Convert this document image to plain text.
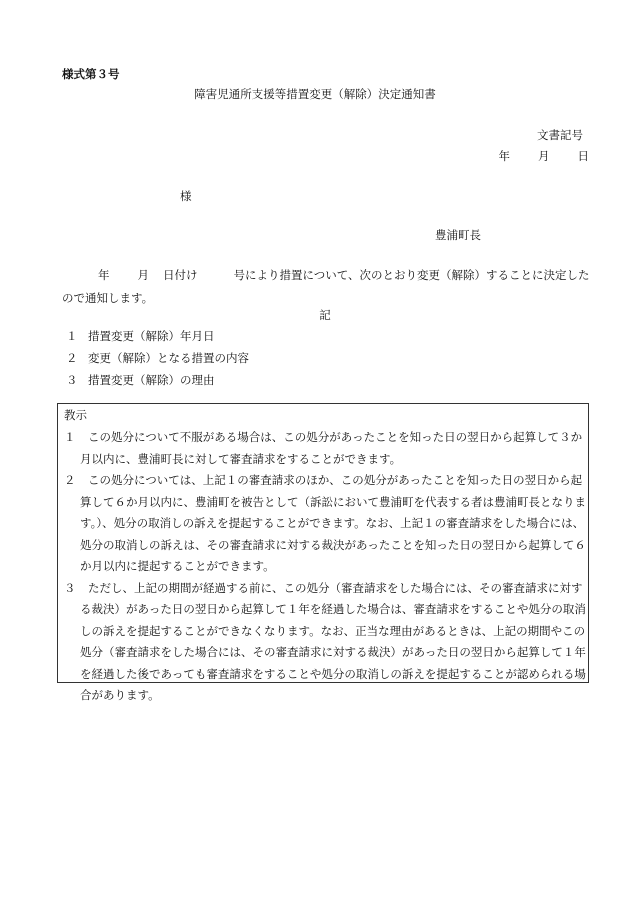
様式第３号
障害児通所支援等措置変更（解除）決定通知書
文書記号
年 月 日
様
豊浦町長
年 月 日付け	号により措置について、次のとおり変更（解除）することに決定したので通知します。
記
１ 措置変更（解除）年月日
２ 変更（解除）となる措置の内容
３ 措置変更（解除）の理由
教示
１ この処分について不服がある場合は、この処分があったことを知った日の翌日から起算して３か月以内に、豊浦町長に対して審査請求をすることができます。
２ この処分については、上記１の審査請求のほか、この処分があったことを知った日の翌日から起算して６か月以内に、豊浦町を被告として（訴訟において豊浦町を代表する者は豊浦町長となります。）、処分の取消しの訴えを提起することができます。なお、上記１の審査請求をした場合には、処分の取消しの訴えは、その審査請求に対する裁決があったことを知った日の翌日から起算して６か月以内に提起することができます。
３ ただし、上記の期間が経過する前に、この処分（審査請求をした場合には、その審査請求に対する裁決）があった日の翌日から起算して１年を経過した場合は、審査請求をすることや処分の取消しの訴えを提起することができなくなります。なお、正当な理由があるときは、上記の期間やこの処分（審査請求をした場合には、その審査請求に対する裁決）があった日の翌日から起算して１年を経過した後であっても審査請求をすることや処分の取消しの訴えを提起することが認められる場合があります。
